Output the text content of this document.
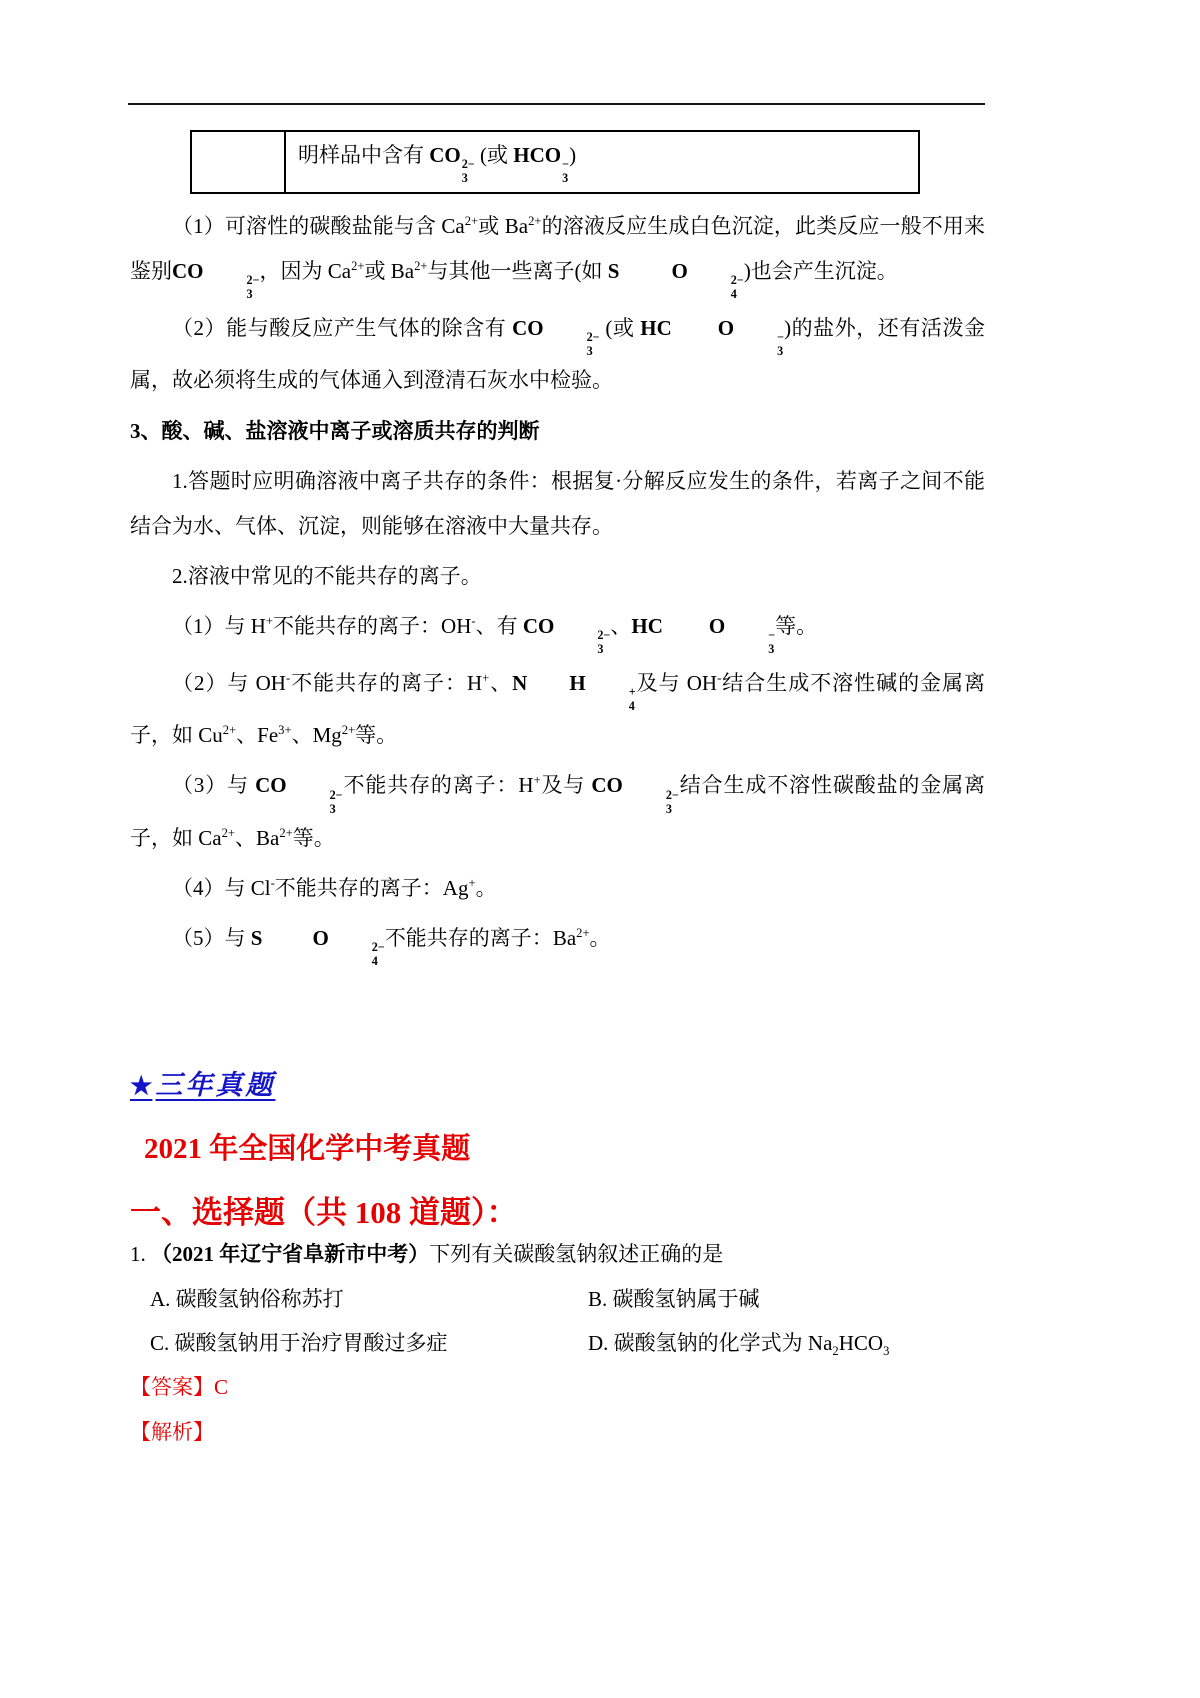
明样品中含有 CO 2−
3
(或 HCO −
3
)

（1）可溶性的碳酸盐能与含 $Ca^{2+}$或 $Ba^{2+}$的溶液反应生成白色沉淀，此类反应一般不用来鉴别CO	2−
3
，因为 $Ca^{2+}$或 $Ba^{2+}$与其他一些离子(如 S O	2−
4
)也会产生沉淀。

（2）能与酸反应产生气体的除含有 CO	2−
3
(或 HC O	−
3
)的盐外，还有活泼金属，故必须将生成的气体通入到澄清石灰水中检验。

3、酸、碱、盐溶液中离子或溶质共存的判断

1.答题时应明确溶液中离子共存的条件：根据复·分解反应发生的条件，若离子之间不能结合为水、气体、沉淀，则能够在溶液中大量共存。

2.溶液中常见的不能共存的离子。

（1）与 H+不能共存的离子：OH-、有 CO	2−
3
、HC O	−
3
等。

（2）与 OH-不能共存的离子：H+、N H	+
4
及与 OH-结合生成不溶性碱的金属离子，如 $Cu^{2+}$、$Fe^{3+}$、$Mg^{2+}$等。

（3）与 CO	2−
3
不能共存的离子：H+及与 CO	2−
3
结合生成不溶性碳酸盐的金属离子，如 $Ca^{2+}$、$Ba^{2+}$等。

（4）与 Cl-不能共存的离子：Ag+。

（5）与 S O	2−
4
不能共存的离子：$Ba^{2+}$。

★ 三年真题
2021 年全国化学中考真题
一、选择题（共 108 道题）：

1. （2021 年辽宁省阜新市中考）下列有关碳酸氢钠叙述正确的是

A. 碳酸氢钠俗称苏打	B. 碳酸氢钠属于碱
C. 碳酸氢钠用于治疗胃酸过多症	D. 碳酸氢钠的化学式为 $Na_2HCO_3$

【答案】C

【解析】
